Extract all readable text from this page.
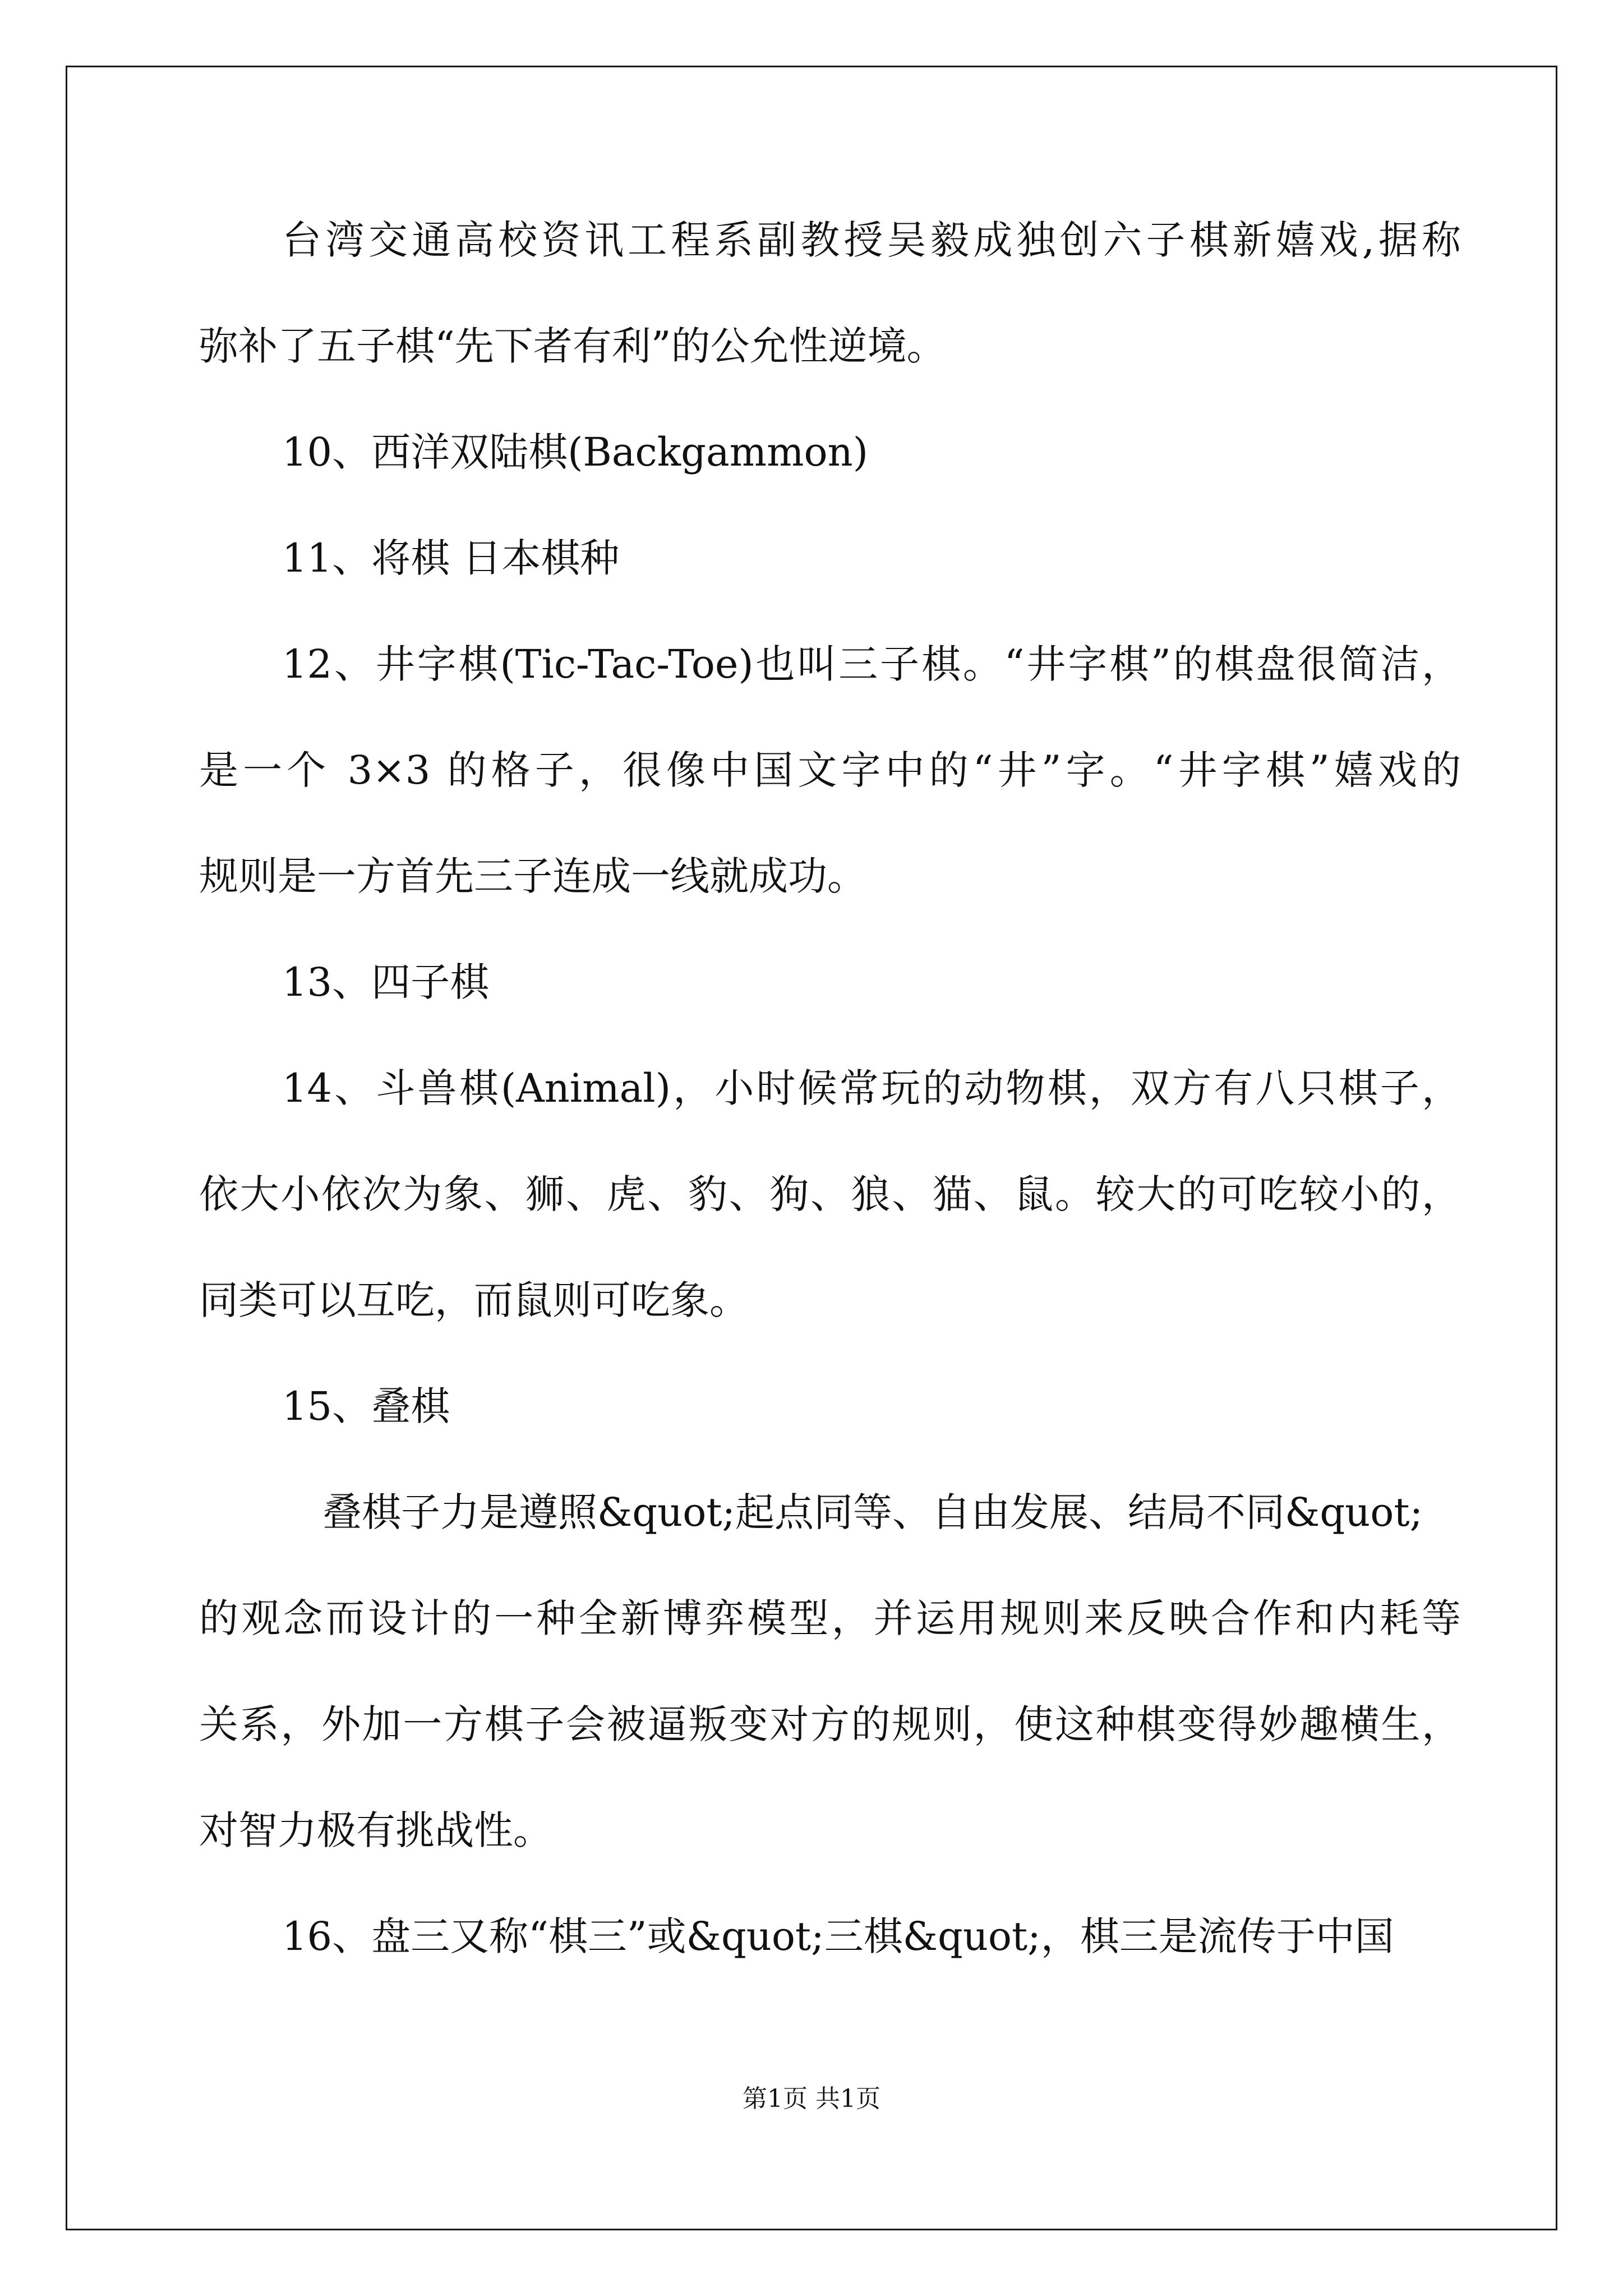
台湾交通高校资讯工程系副教授吴毅成独创六子棋新嬉戏,据称
弥补了五子棋“先下者有利”的公允性逆境。
10、西洋双陆棋(Backgammon)
11、将棋 日本棋种
12、井字棋(Tic-Tac-Toe)也叫三子棋。“井字棋”的棋盘很简洁，
是一个 3×3 的格子，很像中国文字中的“井”字。“井字棋”嬉戏的
规则是一方首先三子连成一线就成功。
13、四子棋
14、斗兽棋(Animal)，小时候常玩的动物棋，双方有八只棋子，
依大小依次为象、狮、虎、豹、狗、狼、猫、鼠。较大的可吃较小的，
同类可以互吃，而鼠则可吃象。
15、叠棋
叠棋子力是遵照&quot;起点同等、自由发展、结局不同&quot;
的观念而设计的一种全新博弈模型，并运用规则来反映合作和内耗等
关系，外加一方棋子会被逼叛变对方的规则，使这种棋变得妙趣横生，
对智力极有挑战性。
16、盘三又称“棋三”或&quot;三棋&quot;，棋三是流传于中国
第1页 共1页
